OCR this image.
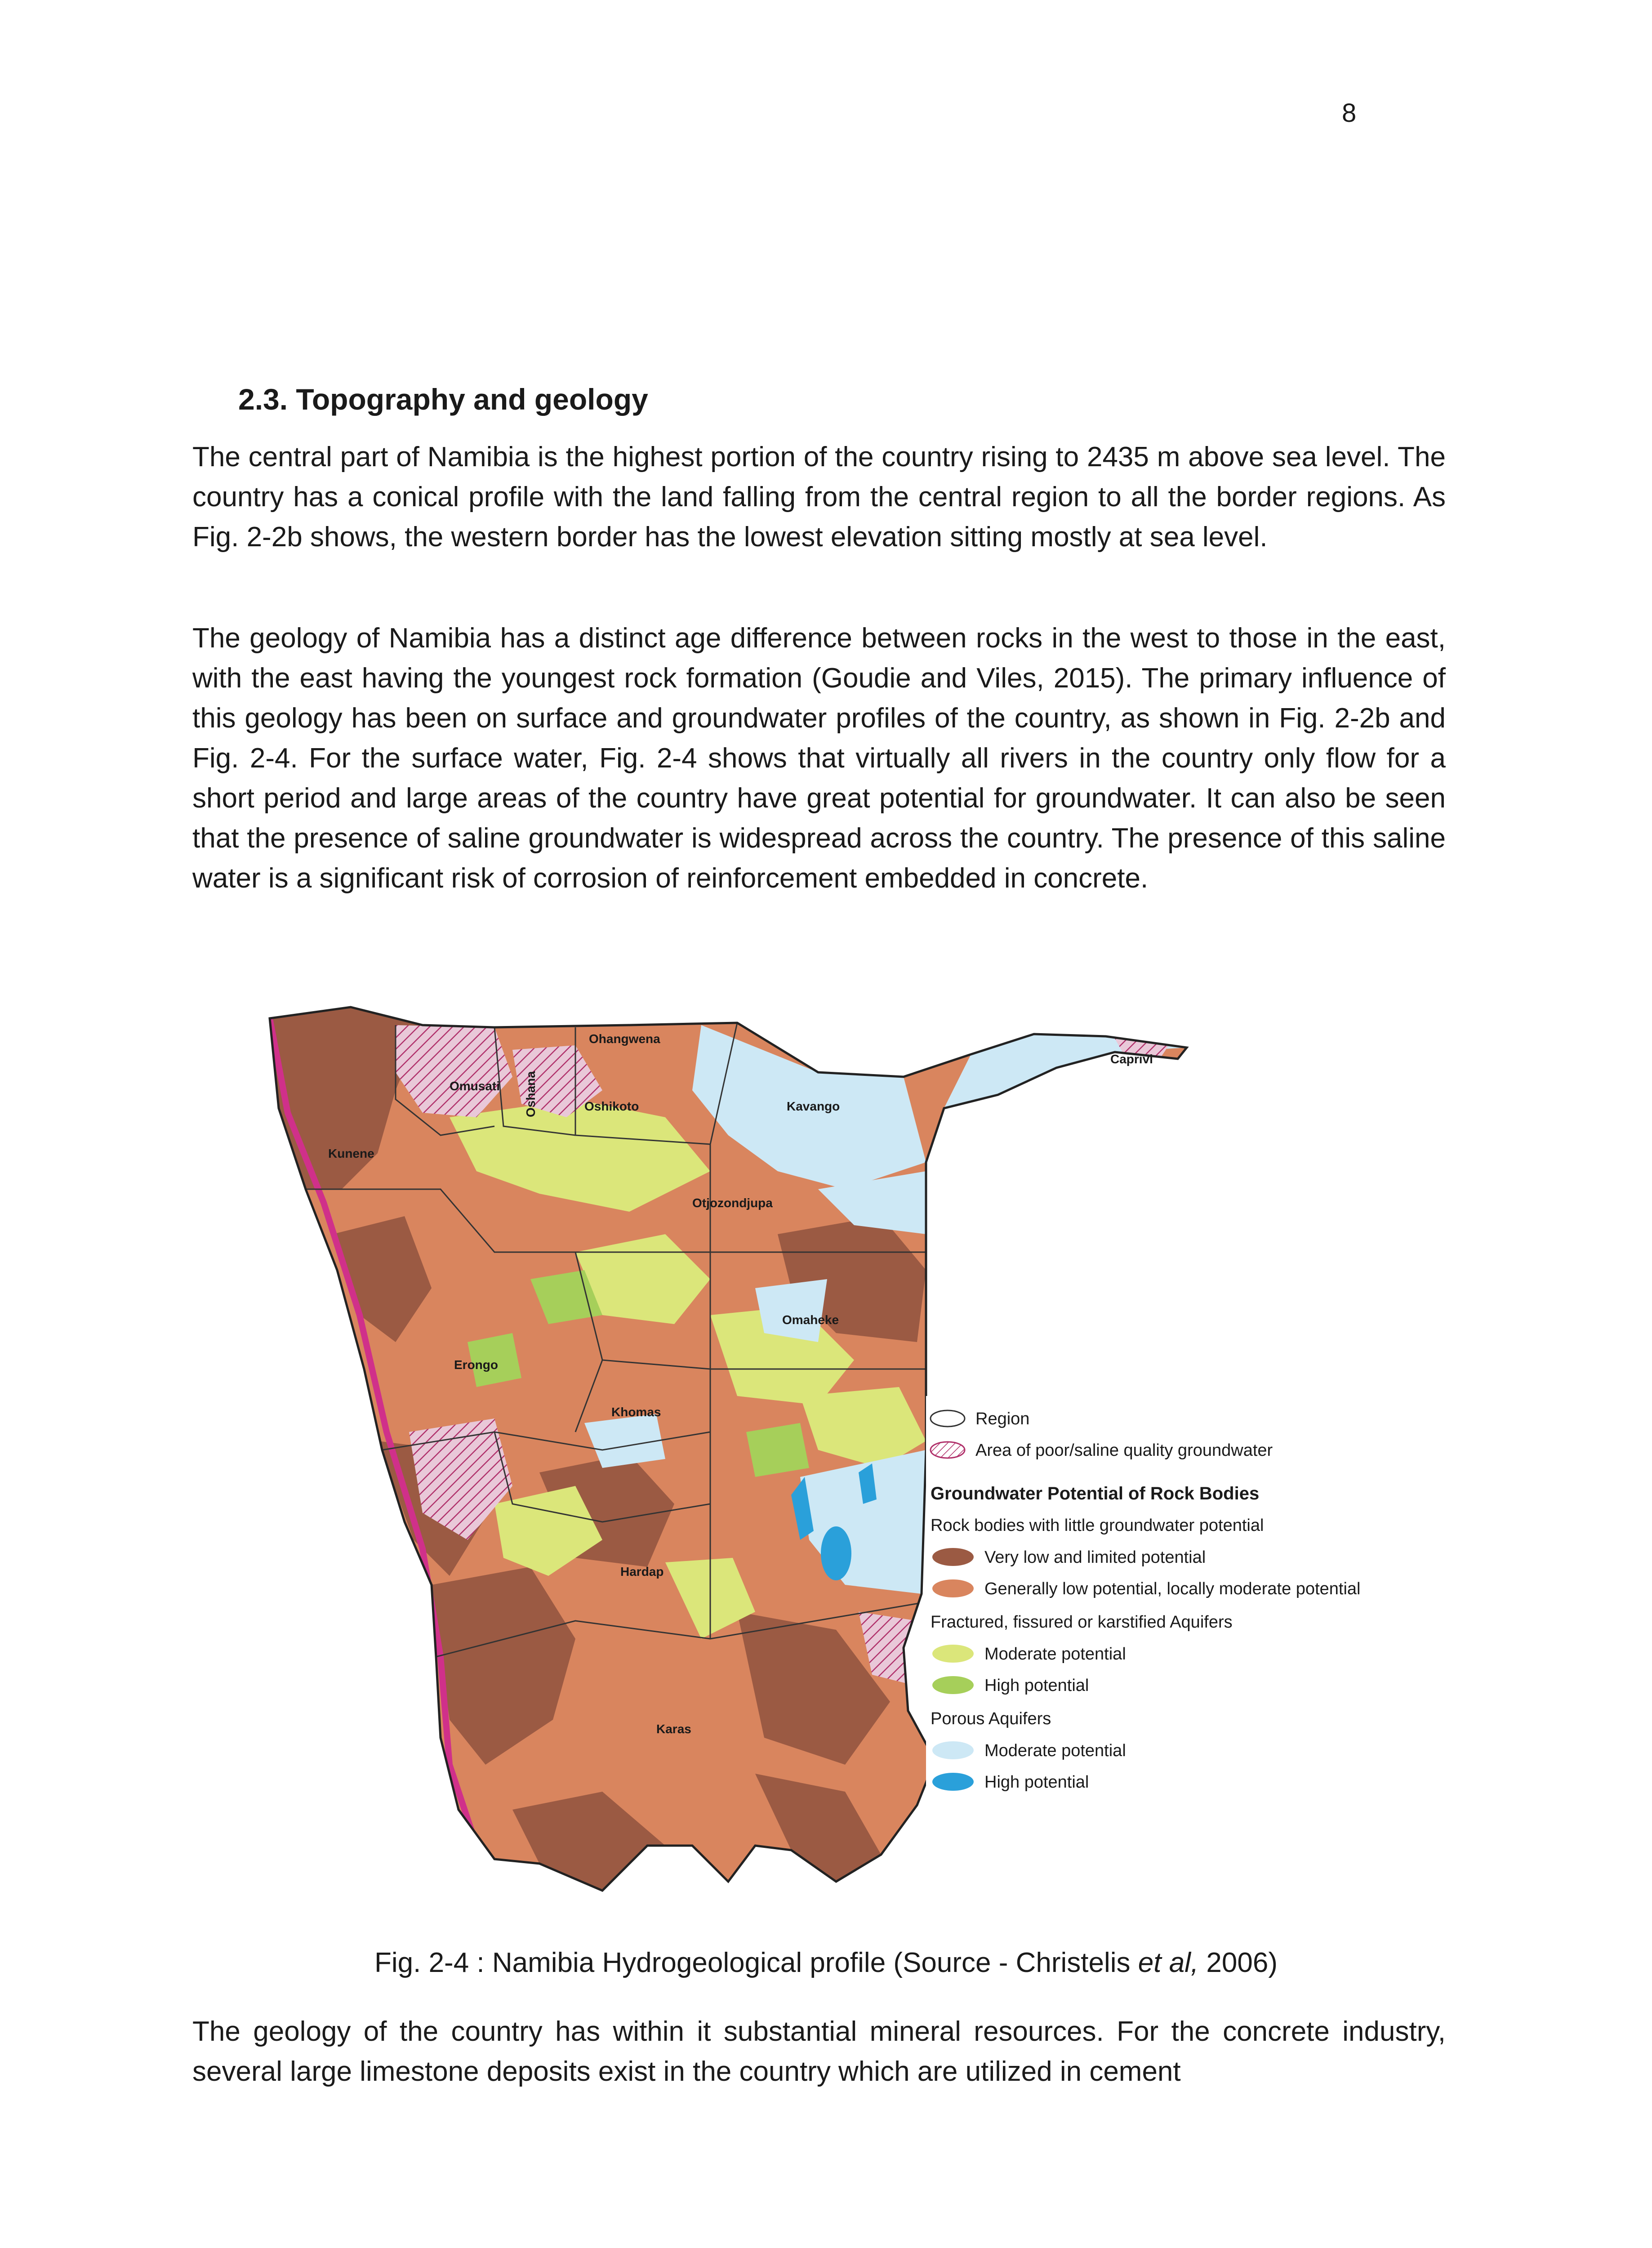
8
2.3. Topography and geology

The central part of Namibia is the highest portion of the country rising to 2435 m above sea level. The country has a conical profile with the land falling from the central region to all the border regions. As Fig. 2-2b shows, the western border has the lowest elevation sitting mostly at sea level.

The geology of Namibia has a distinct age difference between rocks in the west to those in the east, with the east having the youngest rock formation (Goudie and Viles, 2015). The primary influence of this geology has been on surface and groundwater profiles of the country, as shown in Fig. 2-2b and Fig. 2-4. For the surface water, Fig. 2-4 shows that virtually all rivers in the country only flow for a short period and large areas of the country have great potential for groundwater. It can also be seen that the presence of saline groundwater is widespread across the country. The presence of this saline water is a significant risk of corrosion of reinforcement embedded in concrete.

Ohangwena
Omusati Oshana	Oshikoto	Kavango
Caprivi
Kunene
Otjozondjupa
Omaheke
Erongo
Khomas
Hardap
Karas
Region
Area of poor/saline quality groundwater
Groundwater Potential of Rock Bodies
Rock bodies with little groundwater potential
Very low and limited potential
Generally low potential, locally moderate potential
Fractured, fissured or karstified Aquifers
Moderate potential
High potential
Porous Aquifers
Moderate potential
High potential
Fig. 2-4 : Namibia Hydrogeological profile (Source - Christelis et al, 2006)

The geology of the country has within it substantial mineral resources. For the concrete industry, several large limestone deposits exist in the country which are utilized in cement
